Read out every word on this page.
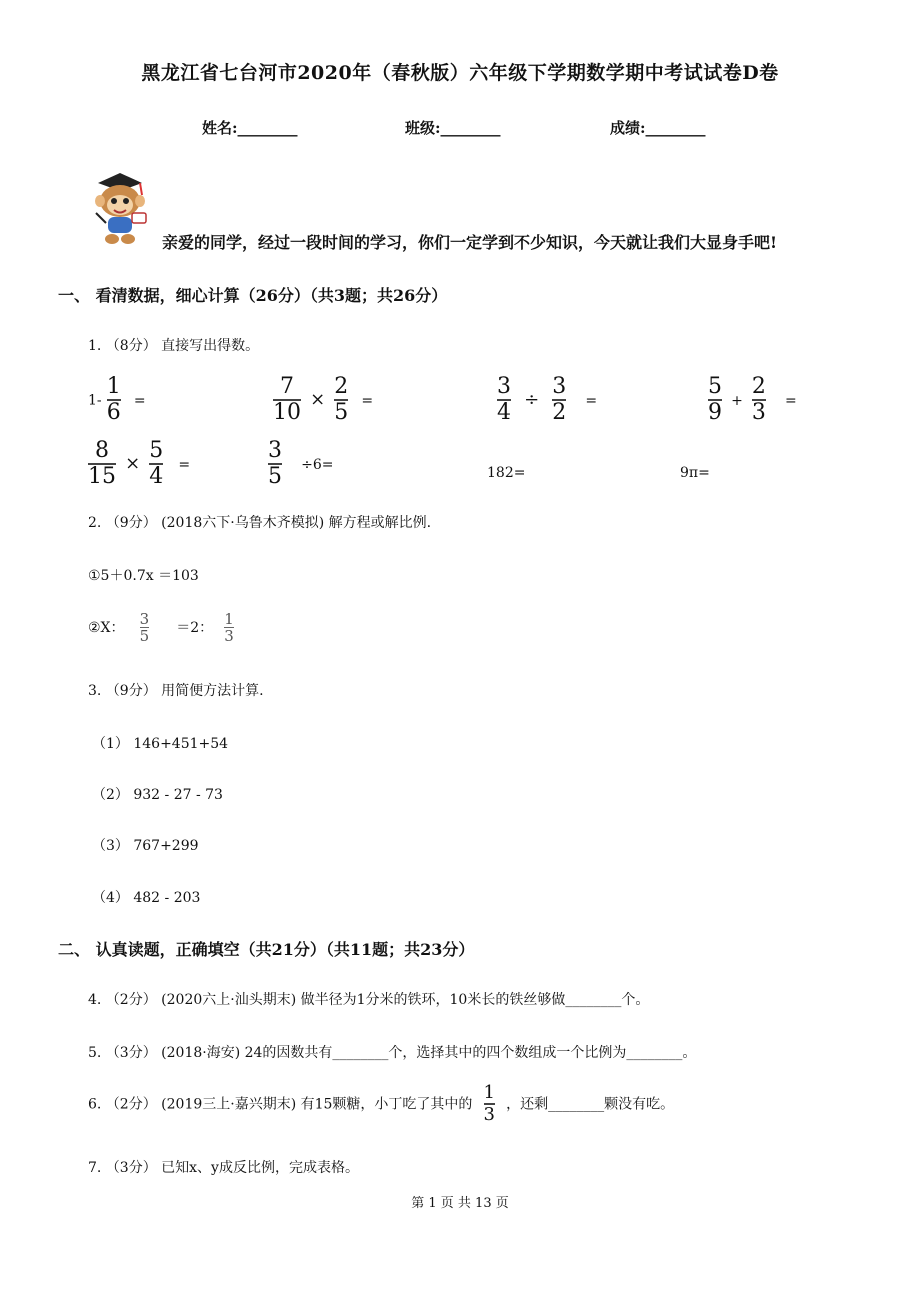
黑龙江省七台河市2020年（春秋版）六年级下学期数学期中考试试卷D卷
姓名:________	班级:________	成绩:________
亲爱的同学，经过一段时间的学习，你们一定学到不少知识，今天就让我们大显身手吧!
一、 看清数据，细心计算（26分）（共3题；共26分）
1. （8分） 直接写出得数。
$1- \frac{1}{6}$ =	$\frac{7}{10} \times \frac{2}{5}$ =	$\frac{3}{4} \div \frac{3}{2}$ =	$\frac{5}{9} + \frac{2}{3}$ =
$\frac{8}{15} \times \frac{5}{4}$ =	$\frac{3}{5} \div 6=$
182=	9π=
2. （9分） (2018六下·乌鲁木齐模拟) 解方程或解比例.
①5＋0.7x ＝103
②X： $\frac{3}{5} =2$： $\frac{1}{3}$
3. （9分） 用简便方法计算.
（1） 146+451+54
（2） 932 - 27 - 73
（3） 767+299
（4） 482 - 203
二、 认真读题，正确填空（共21分）（共11题；共23分）
4. （2分） (2020六上·汕头期末) 做半径为1分米的铁环，10米长的铁丝够做________个。
5. （3分） (2018·海安) 24的因数共有________个，选择其中的四个数组成一个比例为________。
6. （2分） (2019三上·嘉兴期末) 有15颗糖，小丁吃了其中的 $\frac{1}{3}$ ，还剩________颗没有吃。
7. （3分） 已知x、y成反比例，完成表格。
第 1 页 共 13 页
